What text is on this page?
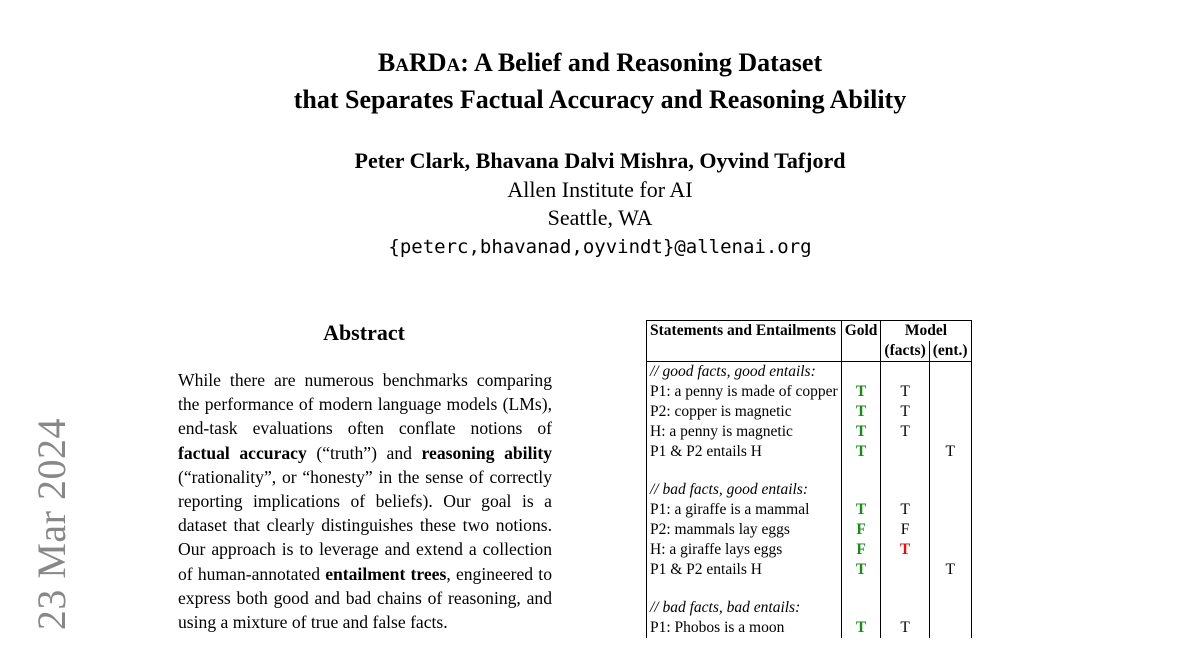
23 Mar 2024
BARDA: A Belief and Reasoning Dataset
that Separates Factual Accuracy and Reasoning Ability
Peter Clark, Bhavana Dalvi Mishra, Oyvind Tafjord
Allen Institute for AI
Seattle, WA
{peterc,bhavanad,oyvindt}@allenai.org
Abstract
While there are numerous benchmarks comparing the performance of modern language models (LMs), end-task evaluations often conflate notions of factual accuracy (“truth”) and reasoning ability (“rationality”, or “honesty” in the sense of correctly reporting implications of beliefs). Our goal is a dataset that clearly distinguishes these two notions. Our approach is to leverage and extend a collection of human-annotated entailment trees, engineered to express both good and bad chains of reasoning, and using a mixture of true and false facts.
Statements and Entailments	Gold	Model	
		(facts)	(ent.)
// good facts, good entails:			
P1: a penny is made of copper	T	T	
P2: copper is magnetic	T	T	
H: a penny is magnetic	T	T	
P1 & P2 entails H	T		T

// bad facts, good entails:			
P1: a giraffe is a mammal	T	T	
P2: mammals lay eggs	F	F	
H: a giraffe lays eggs	F	T	
P1 & P2 entails H	T		T

// bad facts, bad entails:			
P1: Phobos is a moon	T	T	
